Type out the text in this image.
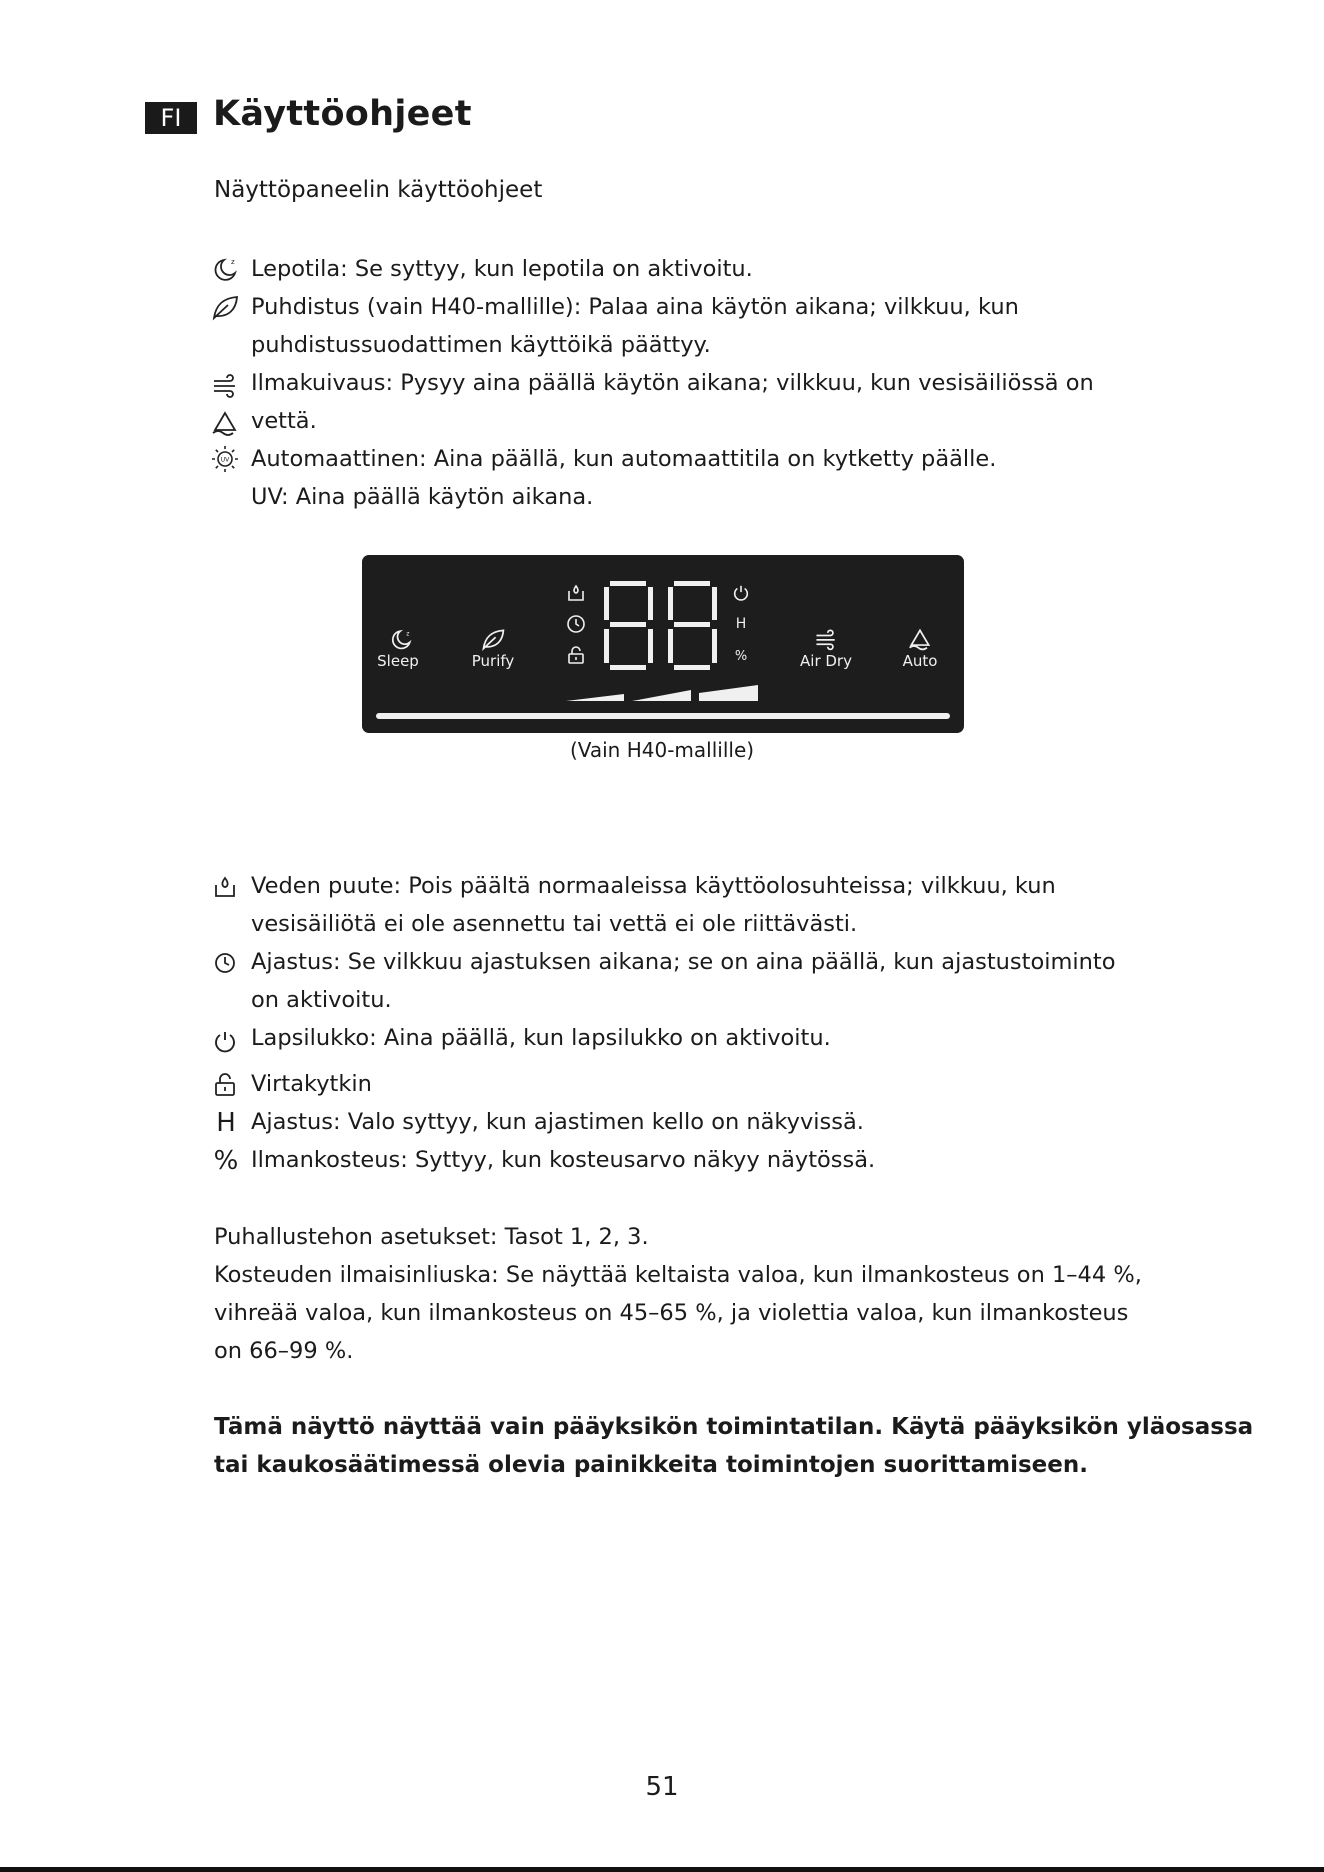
FI Käyttöohjeet
Näyttöpaneelin käyttöohjeet
z
UV
Lepotila: Se syttyy, kun lepotila on aktivoitu.
Puhdistus (vain H40-mallille): Palaa aina käytön aikana; vilkkuu, kun
puhdistussuodattimen käyttöikä päättyy.
Ilmakuivaus: Pysyy aina päällä käytön aikana; vilkkuu, kun vesisäiliössä on
vettä.
Automaattinen: Aina päällä, kun automaattitila on kytketty päälle.
UV: Aina päällä käytön aikana.
z
Sleep	Purify
H
%	Air Dry	Auto
(Vain H40-mallille)
H
%
Veden puute: Pois päältä normaaleissa käyttöolosuhteissa; vilkkuu, kun
vesisäiliötä ei ole asennettu tai vettä ei ole riittävästi.
Ajastus: Se vilkkuu ajastuksen aikana; se on aina päällä, kun ajastustoiminto
on aktivoitu.
Lapsilukko: Aina päällä, kun lapsilukko on aktivoitu.
Virtakytkin
Ajastus: Valo syttyy, kun ajastimen kello on näkyvissä.
Ilmankosteus: Syttyy, kun kosteusarvo näkyy näytössä.
Puhallustehon asetukset: Tasot 1, 2, 3.
Kosteuden ilmaisinliuska: Se näyttää keltaista valoa, kun ilmankosteus on 1–44 %,
vihreää valoa, kun ilmankosteus on 45–65 %, ja violettia valoa, kun ilmankosteus
on 66–99 %.
Tämä näyttö näyttää vain pääyksikön toimintatilan. Käytä pääyksikön yläosassa
tai kaukosäätimessä olevia painikkeita toimintojen suorittamiseen.
51
